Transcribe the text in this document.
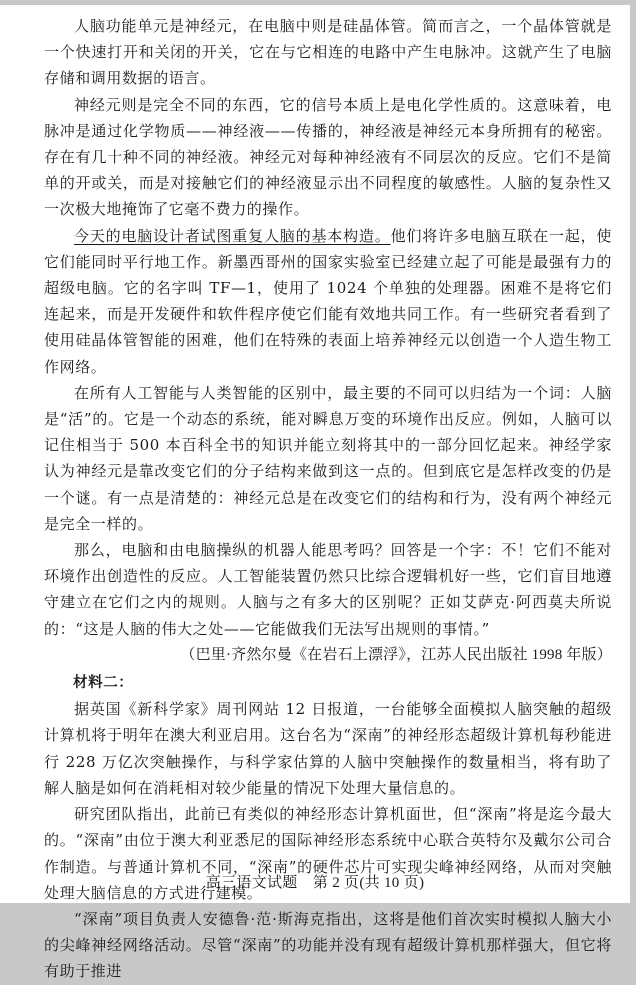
人脑功能单元是神经元，在电脑中则是硅晶体管。简而言之，一个晶体管就是一个快速打开和关闭的开关，它在与它相连的电路中产生电脉冲。这就产生了电脑存储和调用数据的语言。

神经元则是完全不同的东西，它的信号本质上是电化学性质的。这意味着，电脉冲是通过化学物质——神经液——传播的，神经液是神经元本身所拥有的秘密。存在有几十种不同的神经液。神经元对每种神经液有不同层次的反应。它们不是简单的开或关，而是对接触它们的神经液显示出不同程度的敏感性。人脑的复杂性又一次极大地掩饰了它毫不费力的操作。

今天的电脑设计者试图重复人脑的基本构造。他们将许多电脑互联在一起，使它们能同时平行地工作。新墨西哥州的国家实验室已经建立起了可能是最强有力的超级电脑。它的名字叫 TF—1，使用了 1024 个单独的处理器。困难不是将它们连起来，而是开发硬件和软件程序使它们能有效地共同工作。有一些研究者看到了使用硅晶体管智能的困难，他们在特殊的表面上培养神经元以创造一个人造生物工作网络。

在所有人工智能与人类智能的区别中，最主要的不同可以归结为一个词：人脑是“活”的。它是一个动态的系统，能对瞬息万变的环境作出反应。例如，人脑可以记住相当于 500 本百科全书的知识并能立刻将其中的一部分回忆起来。神经学家认为神经元是靠改变它们的分子结构来做到这一点的。但到底它是怎样改变的仍是一个谜。有一点是清楚的：神经元总是在改变它们的结构和行为，没有两个神经元是完全一样的。

那么，电脑和由电脑操纵的机器人能思考吗？回答是一个字：不！它们不能对环境作出创造性的反应。人工智能装置仍然只比综合逻辑机好一些，它们盲目地遵守建立在它们之内的规则。人脑与之有多大的区别呢？正如艾萨克·阿西莫夫所说的：“这是人脑的伟大之处——它能做我们无法写出规则的事情。”

（巴里·齐然尔曼《在岩石上漂浮》，江苏人民出版社 1998 年版）

材料二：

据英国《新科学家》周刊网站 12 日报道，一台能够全面模拟人脑突触的超级计算机将于明年在澳大利亚启用。这台名为“深南”的神经形态超级计算机每秒能进行 228 万亿次突触操作，与科学家估算的人脑中突触操作的数量相当，将有助了解人脑是如何在消耗相对较少能量的情况下处理大量信息的。

研究团队指出，此前已有类似的神经形态计算机面世，但“深南”将是迄今最大的。“深南”由位于澳大利亚悉尼的国际神经形态系统中心联合英特尔及戴尔公司合作制造。与普通计算机不同，“深南”的硬件芯片可实现尖峰神经网络，从而对突触处理大脑信息的方式进行建模。

“深南”项目负责人安德鲁·范·斯海克指出，这将是他们首次实时模拟人脑大小的尖峰神经网络活动。尽管“深南”的功能并没有现有超级计算机那样强大，但它将有助于推进

高三语文试题　第 2 页(共 10 页)
